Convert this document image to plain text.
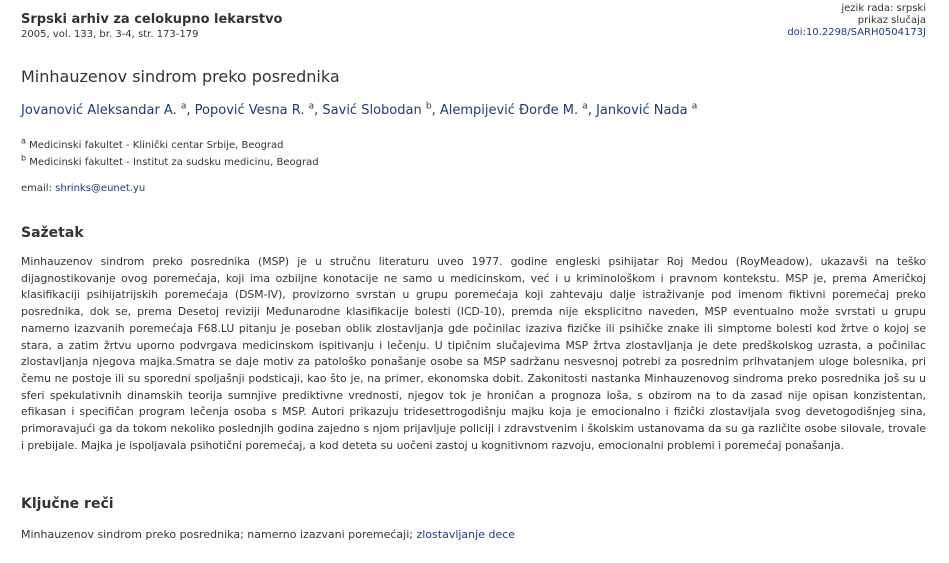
Srpski arhiv za celokupno lekarstvo
2005, vol. 133, br. 3-4, str. 173-179
jezik rada: srpski
prikaz slučaja
doi:10.2298/SARH0504173J
Minhauzenov sindrom preko posrednika
Jovanović Aleksandar A. $^a$, Popović Vesna R. $^a$, Savić Slobodan $^b$, Alempijević Đorđe M. $^a$, Janković Nada $^a$
$^a$ Medicinski fakultet - Klinički centar Srbije, Beograd
$^b$ Medicinski fakultet - Institut za sudsku medicinu, Beograd
email: shrinks@eunet.yu
Sažetak

Minhauzenov sindrom preko posrednika (MSP) je u stručnu literaturu uveo 1977. godine engleski psihijatar Roj Medou (RoyMeadow), ukazavši na teško dijagnostikovanje ovog poremećaja, koji ima ozbiljne konotacije ne samo u medicinskom, već i u kriminološkom i pravnom kontekstu. MSP je, prema Američkoj klasifikaciji psihijatrijskih poremećaja (DSM-IV), provizorno svrstan u grupu poremećaja koji zahtevaju dalje istraživanje pod imenom fiktivni poremećaj preko posrednika, dok se, prema Desetoj reviziji Međunarodne klasifikacije bolesti (ICD-10), premda nije eksplicitno naveden, MSP eventualno može svrstati u grupu namerno izazvanih poremećaja F68.LU pitanju je poseban oblik zlostavljanja gde počinilac izaziva fizičke ili psihičke znake ili simptome bolesti kod žrtve o kojoj se stara, a zatim žrtvu uporno podvrgava medicinskom ispitivanju i lečenju. U tipičnim slučajevima MSP žrtva zlostavljanja je dete predškolskog uzrasta, a počinilac zlostavljanja njegova majka.Smatra se daje motiv za patološko ponašanje osobe sa MSP sadržanu nesvesnoj potrebi za posrednim prihvatanjem uloge bolesnika, pri čemu ne postoje ili su sporedni spoljašnji podsticaji, kao što je, na primer, ekonomska dobit. Zakonitosti nastanka Minhauzenovog sindroma preko posrednika još su u sferi spekulativnih dinamskih teorija sumnjive prediktivne vrednosti, njegov tok je hroničan a prognoza loša, s obzirom na to da zasad nije opisan konzistentan, efikasan i specifičan program lečenja osoba s MSP. Autori prikazuju tridesettrogodišnju majku koja je emocionalno i fizički zlostavljala svog devetogodišnjeg sina, primoravajući ga da tokom nekoliko poslednjih godina zajedno s njom prijavljuje policiji i zdravstvenim i školskim ustanovama da su ga različite osobe silovale, trovale i prebijale. Majka je ispoljavala psihotični poremećaj, a kod deteta su uočeni zastoj u kognitivnom razvoju, emocionalni problemi i poremećaj ponašanja.

Ključne reči
Minhauzenov sindrom preko posrednika; namerno izazvani poremećaji; zlostavljanje dece
